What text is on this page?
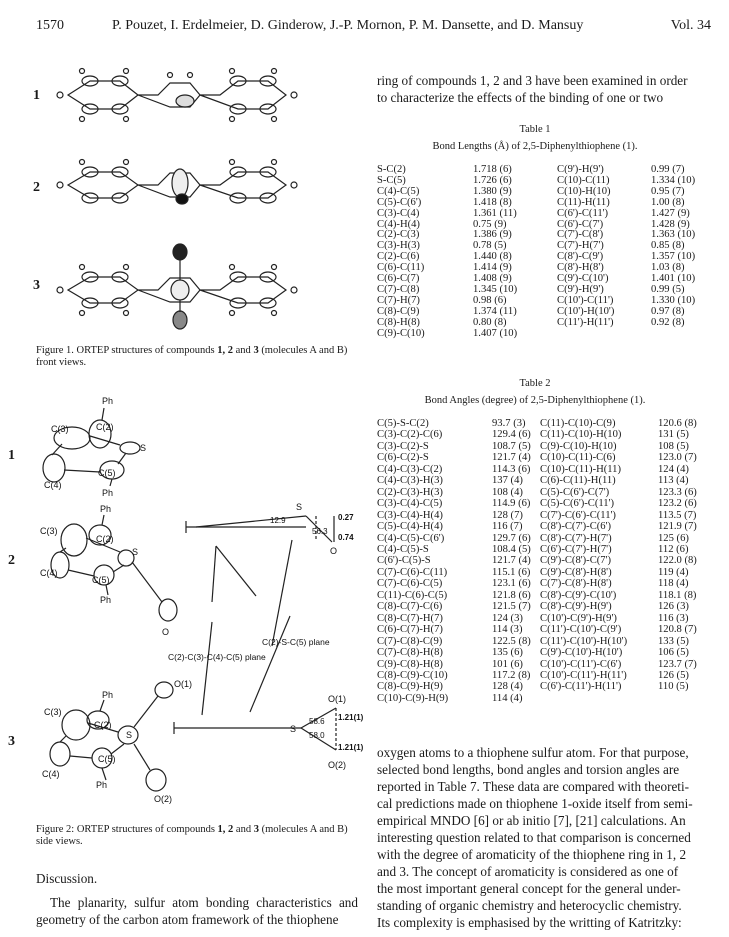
1570	P. Pouzet, I. Erdelmeier, D. Ginderow, J.-P. Mornon, P. M. Dansette, and D. Mansuy	Vol. 34
1
2
3
Figure 1. ORTEP structures of compounds 1, 2 and 3 (molecules A and B) front views.
1
2
3
Ph
C(3)	C(2)
S
C(4)
C(5)
Ph
Ph
C(3)
C(2)
S
C(4)
C(5)
Ph
O
Ph
C(3)
C(2)
S
O(1)
C(4)
C(5)
Ph
O(2)
12.9
S
56.3
0.27
0.74
O
O(1)
S
58.6
58.0
1.21(1)
1.21(1)
O(2)
C(2)-C(3)-C(4)-C(5) plane
C(2)-S-C(5) plane
Figure 2: ORTEP structures of compounds 1, 2 and 3 (molecules A and B) side views.
Discussion.
The planarity, sulfur atom bonding characteristics and geometry of the carbon atom framework of the thiophene
ring of compounds 1, 2 and 3 have been examined in order
to characterize the effects of the binding of one or two
Table 1
Bond Lengths (Å) of 2,5-Diphenylthiophene (1).
S-C(2)	1.718 (6)	C(9')-H(9')	0.99 (7)
S-C(5)	1.726 (6)	C(10)-C(11)	1.334 (10)
C(4)-C(5)	1.380 (9)	C(10)-H(10)	0.95 (7)
C(5)-C(6')	1.418 (8)	C(11)-H(11)	1.00 (8)
C(3)-C(4)	1.361 (11)	C(6')-C(11')	1.427 (9)
C(4)-H(4)	0.75 (9)	C(6')-C(7')	1.428 (9)
C(2)-C(3)	1.386 (9)	C(7')-C(8')	1.363 (10)
C(3)-H(3)	0.78 (5)	C(7')-H(7')	0.85 (8)
C(2)-C(6)	1.440 (8)	C(8')-C(9')	1.357 (10)
C(6)-C(11)	1.414 (9)	C(8')-H(8')	1.03 (8)
C(6)-C(7)	1.408 (9)	C(9')-C(10')	1.401 (10)
C(7)-C(8)	1.345 (10)	C(9')-H(9')	0.99 (5)
C(7)-H(7)	0.98 (6)	C(10')-C(11')	1.330 (10)
C(8)-C(9)	1.374 (11)	C(10')-H(10')	0.97 (8)
C(8)-H(8)	0.80 (8)	C(11')-H(11')	0.92 (8)
C(9)-C(10)	1.407 (10)		
Table 2
Bond Angles (degree) of 2,5-Diphenylthiophene (1).
C(5)-S-C(2)	93.7 (3)	C(11)-C(10)-C(9)	120.6 (8)
C(3)-C(2)-C(6)	129.4 (6)	C(11)-C(10)-H(10)	131 (5)
C(3)-C(2)-S	108.7 (5)	C(9)-C(10)-H(10)	108 (5)
C(6)-C(2)-S	121.7 (4)	C(10)-C(11)-C(6)	123.0 (7)
C(4)-C(3)-C(2)	114.3 (6)	C(10)-C(11)-H(11)	124 (4)
C(4)-C(3)-H(3)	137 (4)	C(6)-C(11)-H(11)	113 (4)
C(2)-C(3)-H(3)	108 (4)	C(5)-C(6')-C(7')	123.3 (6)
C(3)-C(4)-C(5)	114.9 (6)	C(5)-C(6')-C(11')	123.2 (6)
C(3)-C(4)-H(4)	128 (7)	C(7')-C(6')-C(11')	113.5 (7)
C(5)-C(4)-H(4)	116 (7)	C(8')-C(7')-C(6')	121.9 (7)
C(4)-C(5)-C(6')	129.7 (6)	C(8')-C(7')-H(7')	125 (6)
C(4)-C(5)-S	108.4 (5)	C(6')-C(7')-H(7')	112 (6)
C(6')-C(5)-S	121.7 (4)	C(9')-C(8')-C(7')	122.0 (8)
C(7)-C(6)-C(11)	115.1 (6)	C(9')-C(8')-H(8')	119 (4)
C(7)-C(6)-C(5)	123.1 (6)	C(7')-C(8')-H(8')	118 (4)
C(11)-C(6)-C(5)	121.8 (6)	C(8')-C(9')-C(10')	118.1 (8)
C(8)-C(7)-C(6)	121.5 (7)	C(8')-C(9')-H(9')	126 (3)
C(8)-C(7)-H(7)	124 (3)	C(10')-C(9')-H(9')	116 (3)
C(6)-C(7)-H(7)	114 (3)	C(11')-C(10')-C(9')	120.8 (7)
C(7)-C(8)-C(9)	122.5 (8)	C(11')-C(10')-H(10')	133 (5)
C(7)-C(8)-H(8)	135 (6)	C(9')-C(10')-H(10')	106 (5)
C(9)-C(8)-H(8)	101 (6)	C(10')-C(11')-C(6')	123.7 (7)
C(8)-C(9)-C(10)	117.2 (8)	C(10')-C(11')-H(11')	126 (5)
C(8)-C(9)-H(9)	128 (4)	C(6')-C(11')-H(11')	110 (5)
C(10)-C(9)-H(9)	114 (4)		
oxygen atoms to a thiophene sulfur atom. For that purpose,
selected bond lengths, bond angles and torsion angles are
reported in Table 7. These data are compared with theoreti-
cal predictions made on thiophene 1-oxide itself from semi-
empirical MNDO [6] or ab initio [7], [21] calculations. An
interesting question related to that comparison is concerned
with the degree of aromaticity of the thiophene ring in 1, 2
and 3. The concept of aromaticity is considered as one of
the most important general concept for the general under-
standing of organic chemistry and heterocyclic chemistry.
Its complexity is emphasised by the writting of Katritzky:
